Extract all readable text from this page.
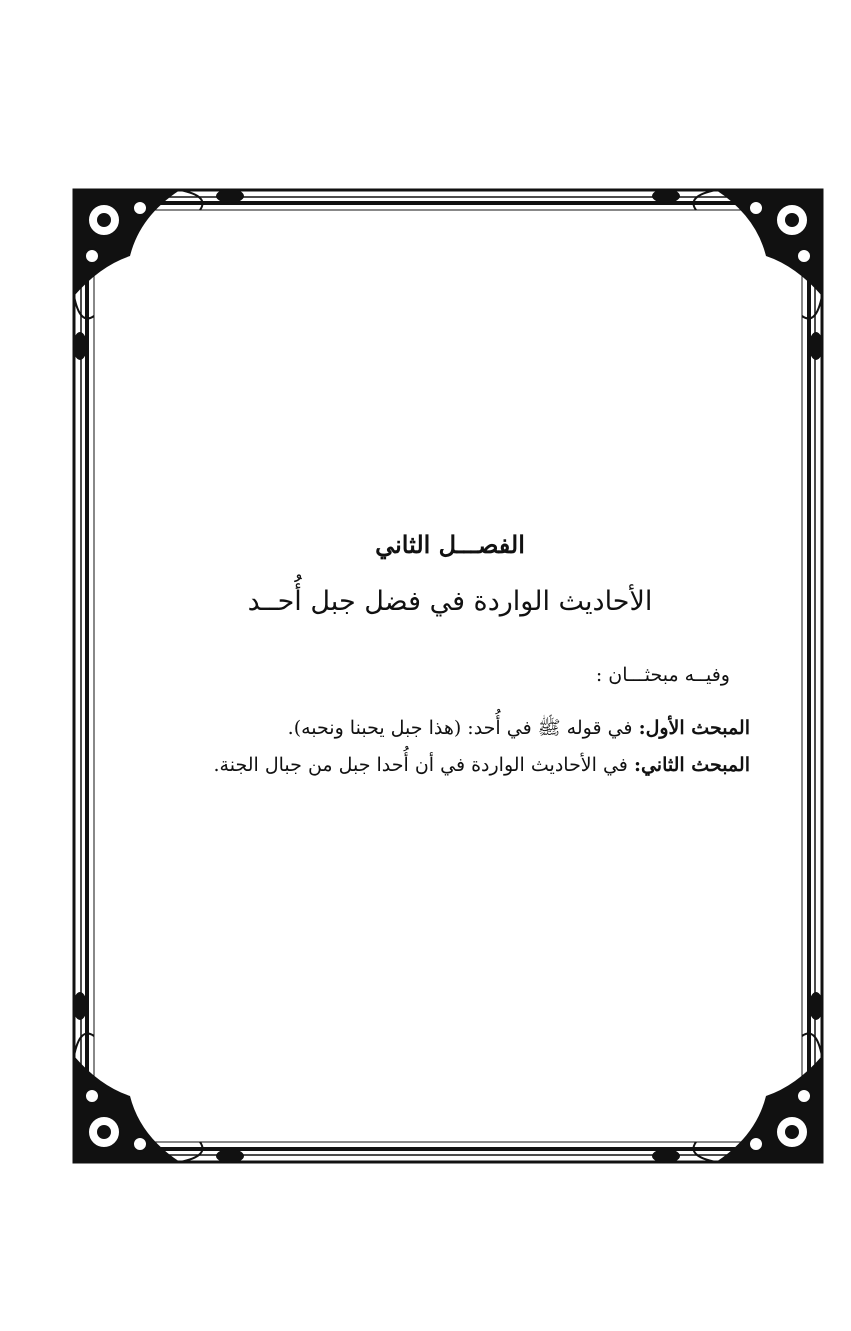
الفصـــل الثاني
الأحاديث الواردة في فضل جبل أُحــد
وفيــه مبحثـــان :
المبحث الأول: في قوله ﷺ في أُحد: (هذا جبل يحبنا ونحبه).
المبحث الثاني: في الأحاديث الواردة في أن أُحدا جبل من جبال الجنة.
